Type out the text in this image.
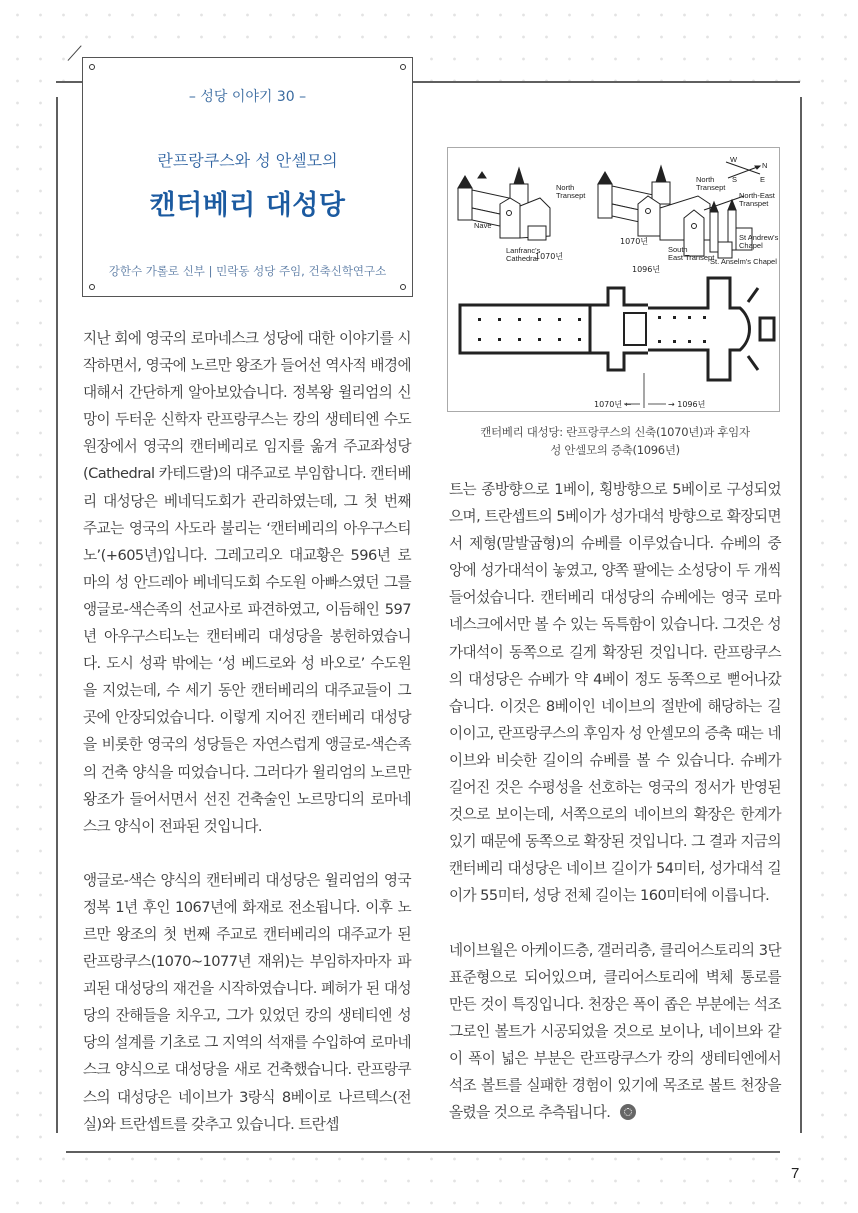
– 성당 이야기 30 –
란프랑쿠스와 성 안셀모의
캔터베리 대성당
강한수 가롤로 신부 | 민락동 성당 주임, 건축신학연구소

지난 회에 영국의 로마네스크 성당에 대한 이야기를 시작하면서, 영국에 노르만 왕조가 들어선 역사적 배경에 대해서 간단하게 알아보았습니다. 정복왕 윌리엄의 신망이 두터운 신학자 란프랑쿠스는 캉의 생테티엔 수도원장에서 영국의 캔터베리로 임지를 옮겨 주교좌성당(Cathedral 카테드랄)의 대주교로 부임합니다. 캔터베리 대성당은 베네딕도회가 관리하였는데, 그 첫 번째 주교는 영국의 사도라 불리는 ‘캔터베리의 아우구스티노’(+605년)입니다. 그레고리오 대교황은 596년 로마의 성 안드레아 베네딕도회 수도원 아빠스였던 그를 앵글로-색슨족의 선교사로 파견하였고, 이듬해인 597년 아우구스티노는 캔터베리 대성당을 봉헌하였습니다. 도시 성곽 밖에는 ‘성 베드로와 성 바오로’ 수도원을 지었는데, 수 세기 동안 캔터베리의 대주교들이 그곳에 안장되었습니다. 이렇게 지어진 캔터베리 대성당을 비롯한 영국의 성당들은 자연스럽게 앵글로-색슨족의 건축 양식을 띠었습니다. 그러다가 윌리엄의 노르만 왕조가 들어서면서 선진 건축술인 노르망디의 로마네스크 양식이 전파된 것입니다.

앵글로-색슨 양식의 캔터베리 대성당은 윌리엄의 영국 정복 1년 후인 1067년에 화재로 전소됩니다. 이후 노르만 왕조의 첫 번째 주교로 캔터베리의 대주교가 된 란프랑쿠스(1070~1077년 재위)는 부임하자마자 파괴된 대성당의 재건을 시작하였습니다. 폐허가 된 대성당의 잔해들을 치우고, 그가 있었던 캉의 생테티엔 성당의 설계를 기초로 그 지역의 석재를 수입하여 로마네스크 양식으로 대성당을 새로 건축했습니다. 란프랑쿠스의 대성당은 네이브가 3랑식 8베이로 나르텍스(전실)와 트란셉트를 갖추고 있습니다. 트란셉

North
Transept
Nave
Lanfranc's
Cathedral
1070년
North
Transept
North-East
Transpet
St Andrew's
Chapel
1070년
South
East Transept
St. Anselm's Chapel
1096년
W
N
S	E
1070년 ←	→ 1096년
캔터베리 대성당: 란프랑쿠스의 신축(1070년)과 후임자
성 안셀모의 증축(1096년)

트는 종방향으로 1베이, 횡방향으로 5베이로 구성되었으며, 트란셉트의 5베이가 성가대석 방향으로 확장되면서 제형(말발굽형)의 슈베를 이루었습니다. 슈베의 중앙에 성가대석이 놓였고, 양쪽 팔에는 소성당이 두 개씩 들어섰습니다. 캔터베리 대성당의 슈베에는 영국 로마네스크에서만 볼 수 있는 독특함이 있습니다. 그것은 성가대석이 동쪽으로 길게 확장된 것입니다. 란프랑쿠스의 대성당은 슈베가 약 4베이 정도 동쪽으로 뻗어나갔습니다. 이것은 8베이인 네이브의 절반에 해당하는 길이이고, 란프랑쿠스의 후임자 성 안셀모의 증축 때는 네이브와 비슷한 길이의 슈베를 볼 수 있습니다. 슈베가 길어진 것은 수평성을 선호하는 영국의 정서가 반영된 것으로 보이는데, 서쪽으로의 네이브의 확장은 한계가 있기 때문에 동쪽으로 확장된 것입니다. 그 결과 지금의 캔터베리 대성당은 네이브 길이가 54미터, 성가대석 길이가 55미터, 성당 전체 길이는 160미터에 이릅니다.

네이브월은 아케이드층, 갤러리층, 클리어스토리의 3단 표준형으로 되어있으며, 클리어스토리에 벽체 통로를 만든 것이 특징입니다. 천장은 폭이 좁은 부분에는 석조 그로인 볼트가 시공되었을 것으로 보이나, 네이브와 같이 폭이 넓은 부분은 란프랑쿠스가 캉의 생테티엔에서 석조 볼트를 실패한 경험이 있기에 목조로 볼트 천장을 올렸을 것으로 추측됩니다.

7
